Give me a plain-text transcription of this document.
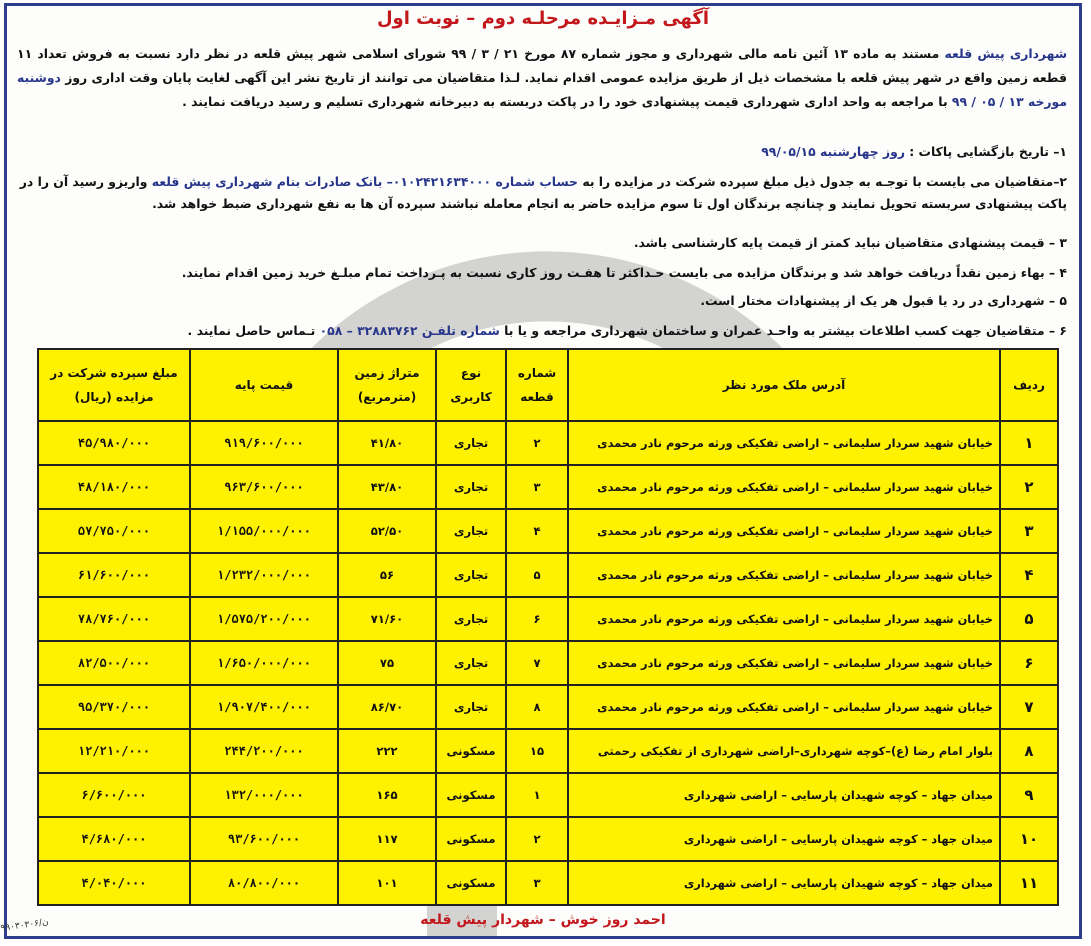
آگهی مـزایـده مرحلـه دوم – نوبت اول
شهرداری پیش قلعه مستند به ماده ۱۳ آئین نامه مالی شهرداری و مجوز شماره ۸۷ مورخ ۲۱ / ۳ / ۹۹ شورای اسلامی شهر پیش قلعه در نظر دارد نسبت به فروش تعداد ۱۱ قطعه زمین واقع در شهر پیش قلعه با مشخصات ذیل از طریق مزایده عمومی اقدام نماید. لـذا متقاضیان می توانند از تاریخ نشر این آگهی لغایت پایان وقت اداری روز دوشنبه مورخه ۱۳ / ۰۵ / ۹۹ با مراجعه به واحد اداری شهرداری قیمت پیشنهادی خود را در پاکت دربسته به دبیرخانه شهرداری تسلیم و رسید دریافت نمایند .
۱– تاریخ بازگشایی پاکات : روز چهارشنبه ۹۹/۰۵/۱۵
۲–متقاضیان می بایست با توجـه به جدول ذیل مبلغ سپرده شرکت در مزایده را به حساب شماره ۰۱۰۲۴۲۱۶۳۴۰۰۰– بانک صادرات بنام شهرداری پیش قلعه واریزو رسید آن را در پاکت پیشنهادی سربسته تحویل نمایند و چنانچه برندگان اول تا سوم مزایده حاضر به انجام معامله نباشند سپرده آن ها به نفع شهرداری ضبط خواهد شد.
۳ – قیمت پیشنهادی متقاضیان نباید کمتر از قیمت پایه کارشناسی باشد.
۴ – بهاء زمین نقداً دریافت خواهد شد و برندگان مزایده می بایست حـداکثر تا هفـت روز کاری نسبت به پـرداخت تمام مبلـغ خرید زمین اقدام نمایند.
۵ – شهرداری در رد یا قبول هر یک از پیشنهادات مختار است.
۶ – متقاضیان جهت کسب اطلاعات بیشتر به واحـد عمران و ساختمان شهرداری مراجعه و یا با شماره تلفـن ۳۲۸۸۳۷۶۲ – ۰۵۸ تـماس حاصل نمایند .
ردیف	آدرس ملک مورد نظر	شماره قطعه	نوع کاربری	متراژ زمین (مترمربع)	قیمت پایه	مبلغ سپرده شرکت در مزایده (ریال)
۱	خیابان شهید سردار سلیمانی – اراضی تفکیکی ورثه مرحوم نادر محمدی	۲	تجاری	۴۱/۸۰	۹۱۹/۶۰۰/۰۰۰	۴۵/۹۸۰/۰۰۰
۲	خیابان شهید سردار سلیمانی – اراضی تفکیکی ورثه مرحوم نادر محمدی	۳	تجاری	۴۳/۸۰	۹۶۳/۶۰۰/۰۰۰	۴۸/۱۸۰/۰۰۰
۳	خیابان شهید سردار سلیمانی – اراضی تفکیکی ورثه مرحوم نادر محمدی	۴	تجاری	۵۲/۵۰	۱/۱۵۵/۰۰۰/۰۰۰	۵۷/۷۵۰/۰۰۰
۴	خیابان شهید سردار سلیمانی – اراضی تفکیکی ورثه مرحوم نادر محمدی	۵	تجاری	۵۶	۱/۲۳۲/۰۰۰/۰۰۰	۶۱/۶۰۰/۰۰۰
۵	خیابان شهید سردار سلیمانی – اراضی تفکیکی ورثه مرحوم نادر محمدی	۶	تجاری	۷۱/۶۰	۱/۵۷۵/۲۰۰/۰۰۰	۷۸/۷۶۰/۰۰۰
۶	خیابان شهید سردار سلیمانی – اراضی تفکیکی ورثه مرحوم نادر محمدی	۷	تجاری	۷۵	۱/۶۵۰/۰۰۰/۰۰۰	۸۲/۵۰۰/۰۰۰
۷	خیابان شهید سردار سلیمانی – اراضی تفکیکی ورثه مرحوم نادر محمدی	۸	تجاری	۸۶/۷۰	۱/۹۰۷/۴۰۰/۰۰۰	۹۵/۳۷۰/۰۰۰
۸	بلوار امام رضا (ع)–کوچه شهرداری–اراضی شهرداری از تفکیکی رحمتی	۱۵	مسکونی	۲۲۲	۲۴۴/۲۰۰/۰۰۰	۱۲/۲۱۰/۰۰۰
۹	میدان جهاد – کوچه شهیدان پارسایی – اراضی شهرداری	۱	مسکونی	۱۶۵	۱۳۲/۰۰۰/۰۰۰	۶/۶۰۰/۰۰۰
۱۰	میدان جهاد – کوچه شهیدان پارسایی – اراضی شهرداری	۲	مسکونی	۱۱۷	۹۳/۶۰۰/۰۰۰	۴/۶۸۰/۰۰۰
۱۱	میدان جهاد – کوچه شهیدان پارسایی – اراضی شهرداری	۳	مسکونی	۱۰۱	۸۰/۸۰۰/۰۰۰	۴/۰۴۰/۰۰۰
احمد روز خوش – شهردار پیش قلعه
۹۹۰۳۰۳۰۶/ن
